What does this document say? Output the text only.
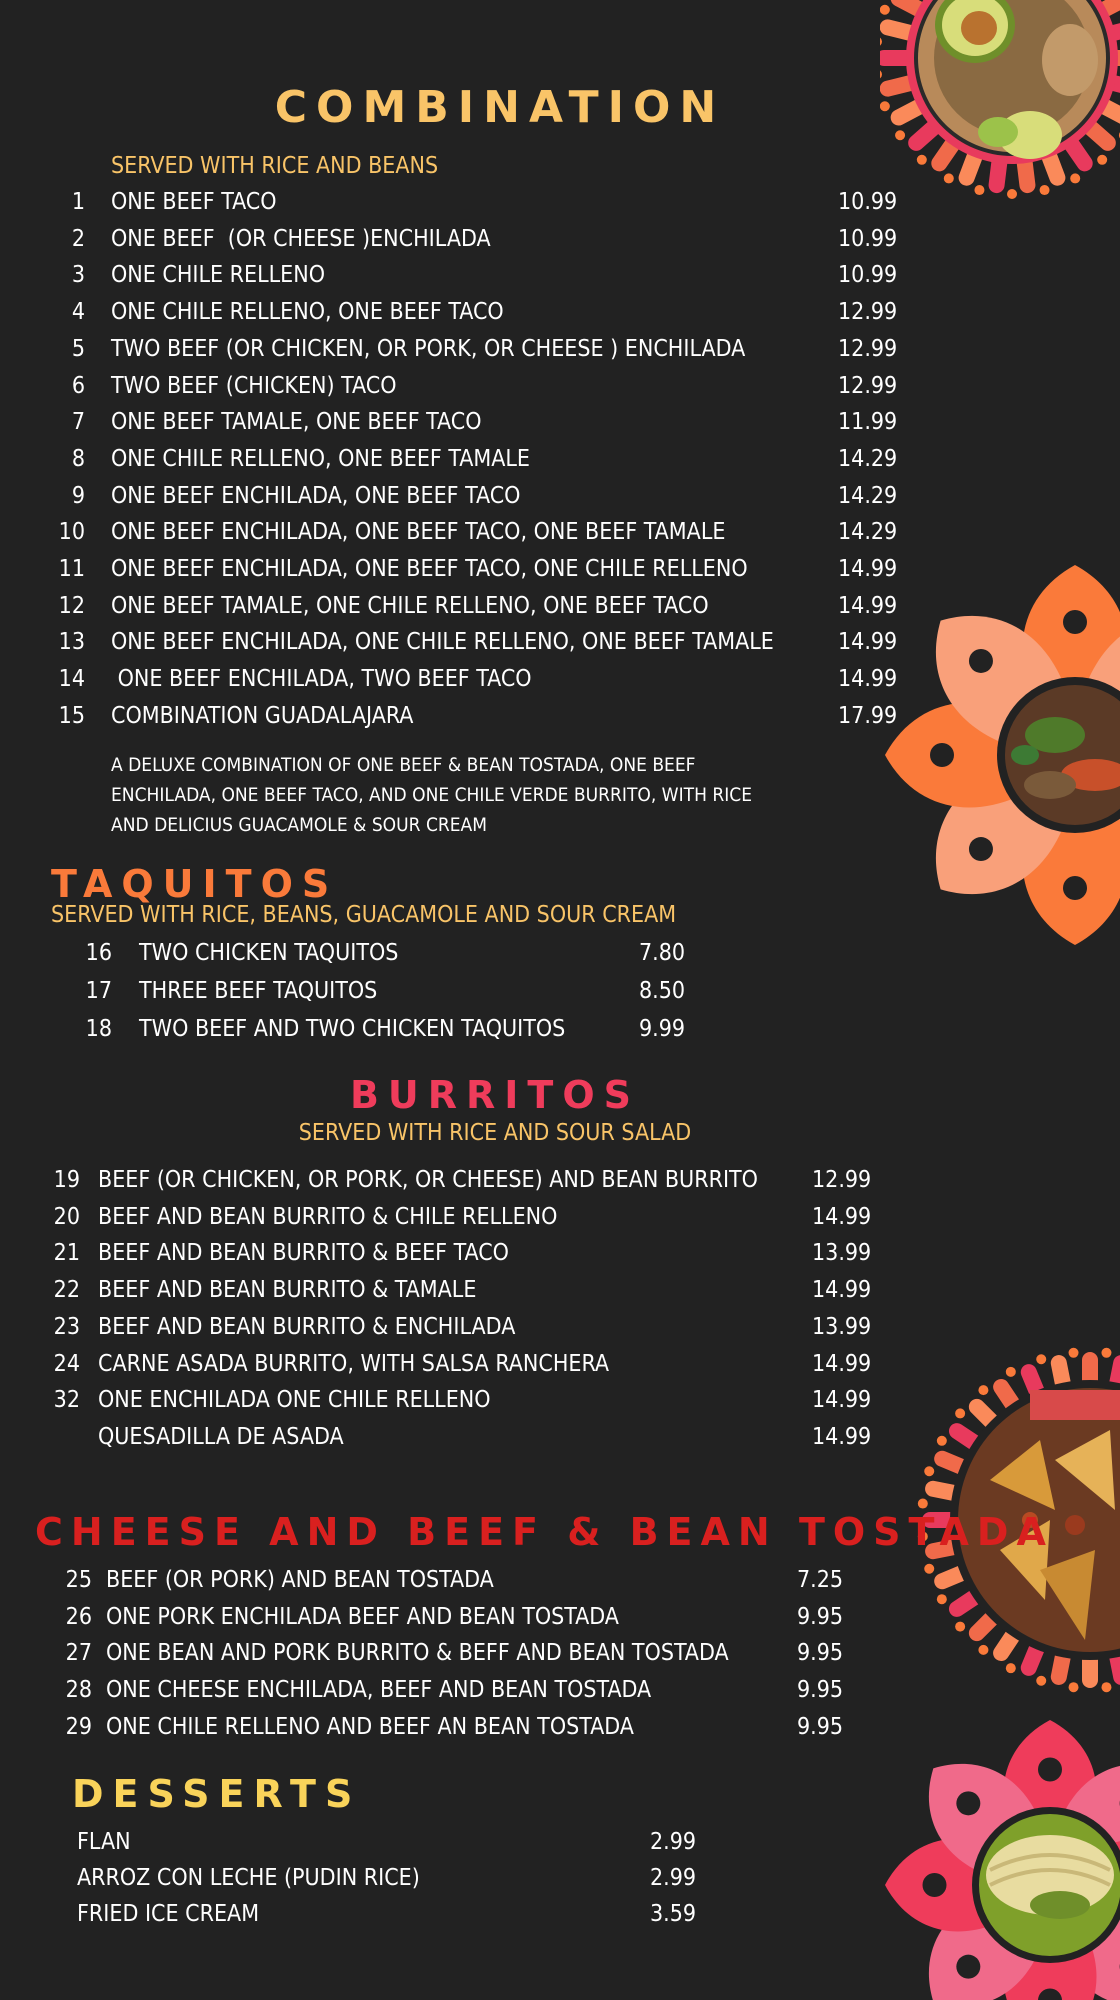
COMBINATION
SERVED WITH RICE AND BEANS
1 ONE BEEF TACO	10.99
2 ONE BEEF  (OR CHEESE )ENCHILADA	10.99
3 ONE CHILE RELLENO	10.99
4 ONE CHILE RELLENO, ONE BEEF TACO	12.99
5 TWO BEEF (OR CHICKEN, OR PORK, OR CHEESE ) ENCHILADA	12.99
6 TWO BEEF (CHICKEN) TACO	12.99
7 ONE BEEF TAMALE, ONE BEEF TACO	11.99
8 ONE CHILE RELLENO, ONE BEEF TAMALE	14.29
9 ONE BEEF ENCHILADA, ONE BEEF TACO	14.29
10 ONE BEEF ENCHILADA, ONE BEEF TACO, ONE BEEF TAMALE	14.29
11 ONE BEEF ENCHILADA, ONE BEEF TACO, ONE CHILE RELLENO	14.99
12 ONE BEEF TAMALE, ONE CHILE RELLENO, ONE BEEF TACO	14.99
13 ONE BEEF ENCHILADA, ONE CHILE RELLENO, ONE BEEF TAMALE	14.99
14 ONE BEEF ENCHILADA, TWO BEEF TACO	14.99
15 COMBINATION GUADALAJARA	17.99
A DELUXE COMBINATION OF ONE BEEF & BEAN TOSTADA, ONE BEEF ENCHILADA, ONE BEEF TACO, AND ONE CHILE VERDE BURRITO, WITH RICE AND DELICIUS GUACAMOLE & SOUR CREAM
TAQUITOS
SERVED WITH RICE, BEANS, GUACAMOLE AND SOUR CREAM
16 TWO CHICKEN TAQUITOS	7.80
17 THREE BEEF TAQUITOS	8.50
18 TWO BEEF AND TWO CHICKEN TAQUITOS	9.99
BURRITOS
SERVED WITH RICE AND SOUR SALAD
19 BEEF (OR CHICKEN, OR PORK, OR CHEESE) AND BEAN BURRITO 12.99
20 BEEF AND BEAN BURRITO & CHILE RELLENO	14.99
21 BEEF AND BEAN BURRITO & BEEF TACO	13.99
22 BEEF AND BEAN BURRITO & TAMALE	14.99
23 BEEF AND BEAN BURRITO & ENCHILADA	13.99
24 CARNE ASADA BURRITO, WITH SALSA RANCHERA	14.99
32 ONE ENCHILADA ONE CHILE RELLENO	14.99
QUESADILLA DE ASADA	14.99
CHEESE AND BEEF & BEAN TOSTADA
25 BEEF (OR PORK) AND BEAN TOSTADA	7.25
26 ONE PORK ENCHILADA BEEF AND BEAN TOSTADA	9.95
27 ONE BEAN AND PORK BURRITO & BEFF AND BEAN TOSTADA	9.95
28 ONE CHEESE ENCHILADA, BEEF AND BEAN TOSTADA	9.95
29 ONE CHILE RELLENO AND BEEF AN BEAN TOSTADA	9.95
DESSERTS
FLAN	2.99
ARROZ CON LECHE (PUDIN RICE)	2.99
FRIED ICE CREAM	3.59
